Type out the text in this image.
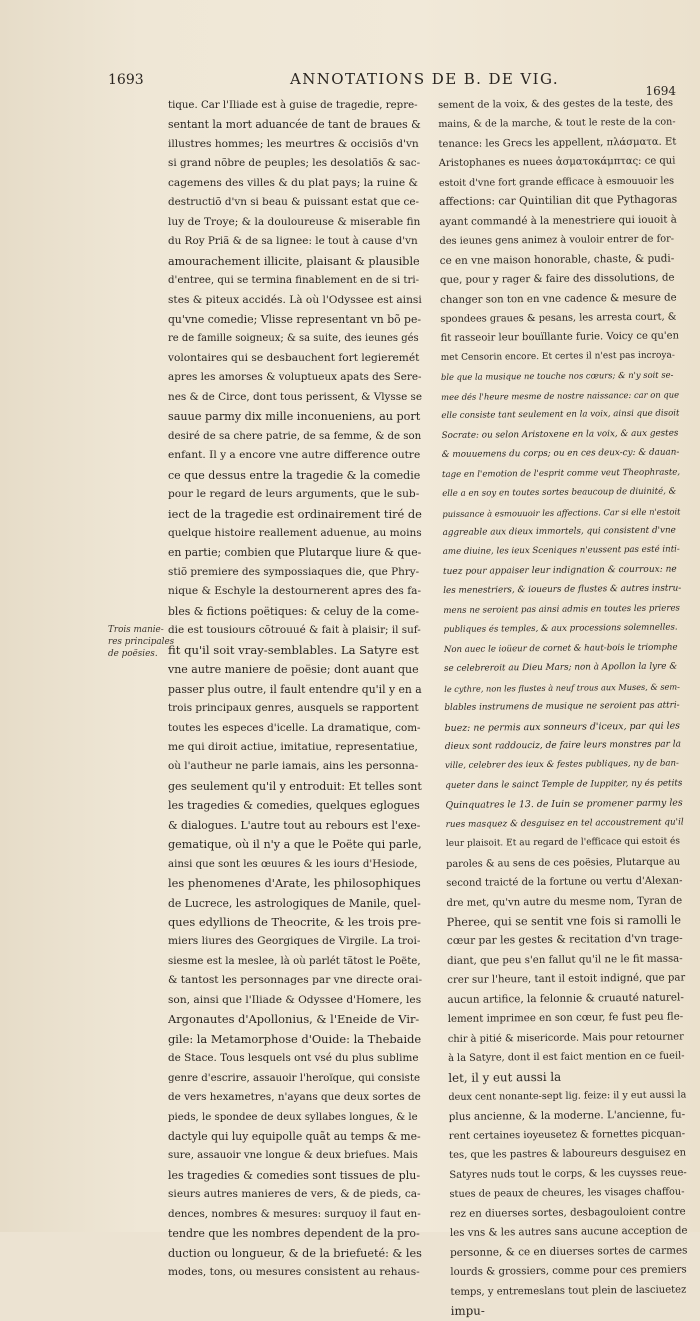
1693	ANNOTATIONS DE B. DE VIG.
1694
Trois manie-
res principales
de poësies.
tique. Car l'Iliade est à guise de tragedie, repre-
sentant la mort aduancée de tant de braues &
illustres hommes; les meurtres & occisiõs d'vn
si grand nõbre de peuples; les desolatiõs & sac-
cagemens des villes & du plat pays; la ruine &
destructiõ d'vn si beau & puissant estat que ce-
luy de Troye; & la douloureuse & miserable fin
du Roy Priã & de sa lignee: le tout à cause d'vn
amourachement illicite, plaisant & plausible
d'entree, qui se termina finablement en de si tri-
stes & piteux accidés. Là où l'Odyssee est ainsi
qu'vne comedie; Vlisse representant vn bõ pe-
re de famille soigneux; & sa suite, des ieunes gés
volontaires qui se desbauchent fort legieremét
apres les amorses & voluptueux apats des Sere-
nes & de Circe, dont tous perissent, & Vlysse se
sauue parmy dix mille inconueniens, au port
desiré de sa chere patrie, de sa femme, & de son
enfant. Il y a encore vne autre difference outre
ce que dessus entre la tragedie & la comedie
pour le regard de leurs arguments, que le sub-
iect de la tragedie est ordinairement tiré de
quelque histoire reallement aduenue, au moins
en partie; combien que Plutarque liure & que-
stiõ premiere des sympossiaques die, que Phry-
nique & Eschyle la destournerent apres des fa-
bles & fictions poëtiques: & celuy de la come-
die est tousiours cõtrouué & fait à plaisir; il suf-
fit qu'il soit vray-semblables. La Satyre est
vne autre maniere de poësie; dont auant que
passer plus outre, il fault entendre qu'il y en a
trois principaux genres, ausquels se rapportent
toutes les especes d'icelle. La dramatique, com-
me qui diroit actiue, imitatiue, representatiue,
où l'autheur ne parle iamais, ains les personna-
ges seulement qu'il y entroduit: Et telles sont
les tragedies & comedies, quelques eglogues
& dialogues. L'autre tout au rebours est l'exe-
gematique, où il n'y a que le Poëte qui parle,
ainsi que sont les œuures & les iours d'Hesiode,
les phenomenes d'Arate, les philosophiques
de Lucrece, les astrologiques de Manile, quel-
ques edyllions de Theocrite, & les trois pre-
miers liures des Georgiques de Virgile. La troi-
siesme est la meslee, là où parlét tãtost le Poëte,
& tantost les personnages par vne directe orai-
son, ainsi que l'Iliade & Odyssee d'Homere, les
Argonautes d'Apollonius, & l'Eneide de Vir-
gile: la Metamorphose d'Ouide: la Thebaide
de Stace. Tous lesquels ont vsé du plus sublime
genre d'escrire, assauoir l'heroïque, qui consiste
de vers hexametres, n'ayans que deux sortes de
pieds, le spondee de deux syllabes longues, & le
dactyle qui luy equipolle quãt au temps & me-
sure, assauoir vne longue & deux briefues. Mais
les tragedies & comedies sont tissues de plu-
sieurs autres manieres de vers, & de pieds, ca-
dences, nombres & mesures: surquoy il faut en-
tendre que les nombres dependent de la pro-
duction ou longueur, & de la briefueté: & les
modes, tons, ou mesures consistent au rehaus-
sement de la voix, & des gestes de la teste, des
mains, & de la marche, & tout le reste de la con-
tenance: les Grecs les appellent, πλάσματα. Et
Aristophanes es nuees ἀσματοκάμπτας: ce qui
estoit d'vne fort grande efficace à esmouuoir les
affections: car Quintilian dit que Pythagoras
ayant commandé à la menestriere qui iouoit à
des ieunes gens animez à vouloir entrer de for-
ce en vne maison honorable, chaste, & pudi-
que, pour y rager & faire des dissolutions, de
changer son ton en vne cadence & mesure de
spondees graues & pesans, les arresta court, &
fit rasseoir leur bouïllante furie. Voicy ce qu'en
met Censorin encore. Et certes il n'est pas incroya-
ble que la musique ne touche nos cœurs; & n'y soit se-
mee dés l'heure mesme de nostre naissance: car on que
elle consiste tant seulement en la voix, ainsi que disoit
Socrate: ou selon Aristoxene en la voix, & aux gestes
& mouuemens du corps; ou en ces deux-cy: & dauan-
tage en l'emotion de l'esprit comme veut Theophraste,
elle a en soy en toutes sortes beaucoup de diuinité, &
puissance à esmouuoir les affections. Car si elle n'estoit
aggreable aux dieux immortels, qui consistent d'vne
ame diuine, les ieux Sceniques n'eussent pas esté inti-
tuez pour appaiser leur indignation & courroux: ne
les menestriers, & ioueurs de flustes & autres instru-
mens ne seroient pas ainsi admis en toutes les prieres
publiques és temples, & aux processions solemnelles.
Non auec le ioüeur de cornet & haut-bois le triomphe
se celebreroit au Dieu Mars; non à Apollon la lyre &
le cythre, non les flustes à neuf trous aux Muses, & sem-
blables instrumens de musique ne seroient pas attri-
buez: ne permis aux sonneurs d'iceux, par qui les
dieux sont raddouciz, de faire leurs monstres par la
ville, celebrer des ieux & festes publiques, ny de ban-
queter dans le sainct Temple de Iuppiter, ny és petits
Quinquatres le 13. de Iuin se promener parmy les
rues masquez & desguisez en tel accoustrement qu'il
leur plaisoit. Et au regard de l'efficace qui estoit és
paroles & au sens de ces poësies, Plutarque au
second traicté de la fortune ou vertu d'Alexan-
dre met, qu'vn autre du mesme nom, Tyran de
Pheree, qui se sentit vne fois si ramolli le
cœur par les gestes & recitation d'vn trage-
diant, que peu s'en fallut qu'il ne le fit massa-
crer sur l'heure, tant il estoit indigné, que par
aucun artifice, la felonnie & cruauté naturel-
lement imprimee en son cœur, fe fust peu fle-
chir à pitié & misericorde. Mais pour retourner
à la Satyre, dont il est faict mention en ce fueil-
let, il y eut aussi la
deux cent nonante-sept lig. feize: il y eut aussi la
plus ancienne, & la moderne. L'ancienne, fu-
rent certaines ioyeusetez & fornettes picquan-
tes, que les pastres & laboureurs desguisez en
Satyres nuds tout le corps, & les cuysses reue-
stues de peaux de cheures, les visages chaffou-
rez en diuerses sortes, desbagouloient contre
les vns & les autres sans aucune acception de
personne, & ce en diuerses sortes de carmes
lourds & grossiers, comme pour ces premiers
temps, y entremeslans tout plein de lasciuetez
impu-
